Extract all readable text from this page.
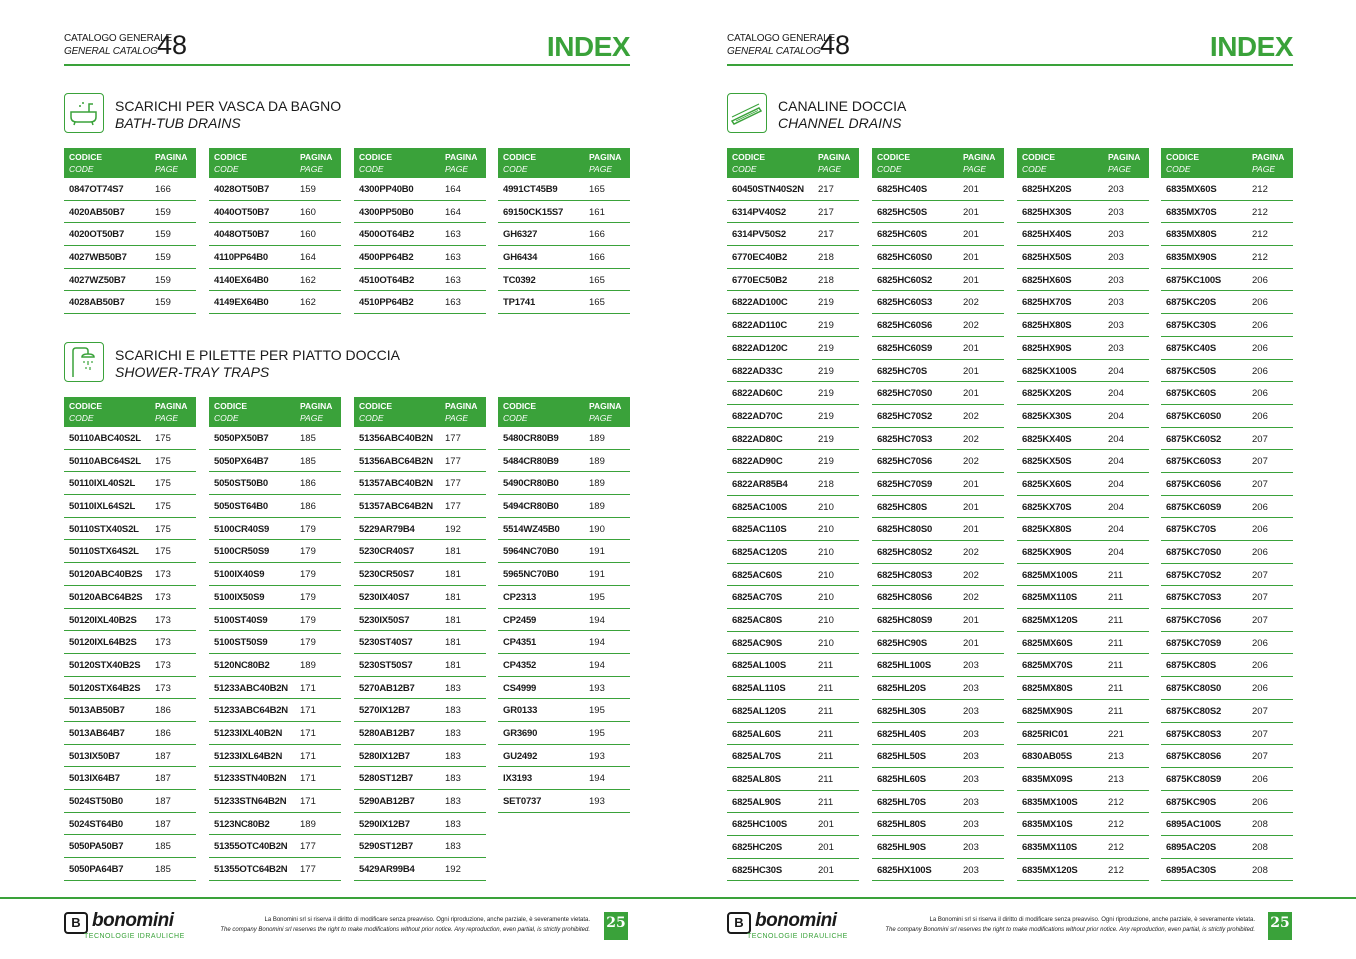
CATALOGO GENERALE
GENERAL CATALOG 48	INDEX
SCARICHI PER VASCA DA BAGNO
BATH-TUB DRAINS
CODICE
CODE
PAGINA
PAGE
0847OT74S7	166
4020AB50B7	159
4020OT50B7	159
4027WB50B7	159
4027WZ50B7	159
4028AB50B7	159
CODICE
CODE
PAGINA
PAGE
4028OT50B7	159
4040OT50B7	160
4048OT50B7	160
4110PP64B0	164
4140EX64B0	162
4149EX64B0	162
CODICE
CODE
PAGINA
PAGE
4300PP40B0	164
4300PP50B0	164
4500OT64B2	163
4500PP64B2	163
4510OT64B2	163
4510PP64B2	163
CODICE
CODE
PAGINA
PAGE
4991CT45B9	165
69150CK15S7	161
GH6327	166
GH6434	166
TC0392	165
TP1741	165
SCARICHI E PILETTE PER PIATTO DOCCIA
SHOWER-TRAY TRAPS
CODICE
CODE
PAGINA
PAGE
50110ABC40S2L 175
50110ABC64S2L 175
50110IXL40S2L 175
50110IXL64S2L 175
50110STX40S2L 175
50110STX64S2L 175
50120ABC40B2S 173
50120ABC64B2S 173
50120IXL40B2S 173
50120IXL64B2S 173
50120STX40B2S 173
50120STX64B2S 173
5013AB50B7	186
5013AB64B7	186
5013IX50B7	187
5013IX64B7	187
5024ST50B0	187
5024ST64B0	187
5050PA50B7	185
5050PA64B7	185
CODICE
CODE
PAGINA
PAGE
5050PX50B7	185
5050PX64B7	185
5050ST50B0	186
5050ST64B0	186
5100CR40S9	179
5100CR50S9	179
5100IX40S9	179
5100IX50S9	179
5100ST40S9	179
5100ST50S9	179
5120NC80B2	189
51233ABC40B2N 171
51233ABC64B2N 171
51233IXL40B2N 171
51233IXL64B2N 171
51233STN40B2N 171
51233STN64B2N 171
5123NC80B2	189
51355OTC40B2N 177
51355OTC64B2N 177
CODICE
CODE
PAGINA
PAGE
51356ABC40B2N 177
51356ABC64B2N 177
51357ABC40B2N 177
51357ABC64B2N 177
5229AR79B4	192
5230CR40S7	181
5230CR50S7	181
5230IX40S7	181
5230IX50S7	181
5230ST40S7	181
5230ST50S7	181
5270AB12B7	183
5270IX12B7	183
5280AB12B7	183
5280IX12B7	183
5280ST12B7	183
5290AB12B7	183
5290IX12B7	183
5290ST12B7	183
5429AR99B4	192
CODICE
CODE
PAGINA
PAGE
5480CR80B9	189
5484CR80B9	189
5490CR80B0	189
5494CR80B0	189
5514WZ45B0	190
5964NC70B0	191
5965NC70B0	191
CP2313	195
CP2459	194
CP4351	194
CP4352	194
CS4999	193
GR0133	195
GR3690	195
GU2492	193
IX3193	194
SET0737	193
B bonomini
TECNOLOGIE IDRAULICHE
La Bonomini srl si riserva il diritto di modificare senza preavviso. Ogni riproduzione, anche parziale, è severamente vietata.
The company Bonomini srl reserves the right to make modifications without prior notice. Any reproduction, even partial, is strictly prohibited. 25
CATALOGO GENERALE
GENERAL CATALOG 48	INDEX
CANALINE DOCCIA
CHANNEL DRAINS
CODICE
CODE
PAGINA
PAGE
60450STN40S2N 217
6314PV40S2	217
6314PV50S2	217
6770EC40B2	218
6770EC50B2	218
6822AD100C	219
6822AD110C	219
6822AD120C	219
6822AD33C	219
6822AD60C	219
6822AD70C	219
6822AD80C	219
6822AD90C	219
6822AR85B4	218
6825AC100S	210
6825AC110S	210
6825AC120S	210
6825AC60S	210
6825AC70S	210
6825AC80S	210
6825AC90S	210
6825AL100S	211
6825AL110S	211
6825AL120S	211
6825AL60S	211
6825AL70S	211
6825AL80S	211
6825AL90S	211
6825HC100S	201
6825HC20S	201
6825HC30S	201
CODICE
CODE
PAGINA
PAGE
6825HC40S	201
6825HC50S	201
6825HC60S	201
6825HC60S0	201
6825HC60S2	201
6825HC60S3	202
6825HC60S6	202
6825HC60S9	201
6825HC70S	201
6825HC70S0	201
6825HC70S2	202
6825HC70S3	202
6825HC70S6	202
6825HC70S9	201
6825HC80S	201
6825HC80S0	201
6825HC80S2	202
6825HC80S3	202
6825HC80S6	202
6825HC80S9	201
6825HC90S	201
6825HL100S	203
6825HL20S	203
6825HL30S	203
6825HL40S	203
6825HL50S	203
6825HL60S	203
6825HL70S	203
6825HL80S	203
6825HL90S	203
6825HX100S	203
CODICE
CODE
PAGINA
PAGE
6825HX20S	203
6825HX30S	203
6825HX40S	203
6825HX50S	203
6825HX60S	203
6825HX70S	203
6825HX80S	203
6825HX90S	203
6825KX100S	204
6825KX20S	204
6825KX30S	204
6825KX40S	204
6825KX50S	204
6825KX60S	204
6825KX70S	204
6825KX80S	204
6825KX90S	204
6825MX100S	211
6825MX110S	211
6825MX120S	211
6825MX60S	211
6825MX70S	211
6825MX80S	211
6825MX90S	211
6825RIC01	221
6830AB05S	213
6835MX09S	213
6835MX100S	212
6835MX10S	212
6835MX110S	212
6835MX120S	212
CODICE
CODE
PAGINA
PAGE
6835MX60S	212
6835MX70S	212
6835MX80S	212
6835MX90S	212
6875KC100S	206
6875KC20S	206
6875KC30S	206
6875KC40S	206
6875KC50S	206
6875KC60S	206
6875KC60S0	206
6875KC60S2	207
6875KC60S3	207
6875KC60S6	207
6875KC60S9	206
6875KC70S	206
6875KC70S0	206
6875KC70S2	207
6875KC70S3	207
6875KC70S6	207
6875KC70S9	206
6875KC80S	206
6875KC80S0	206
6875KC80S2	207
6875KC80S3	207
6875KC80S6	207
6875KC80S9	206
6875KC90S	206
6895AC100S	208
6895AC20S	208
6895AC30S	208
B bonomini
TECNOLOGIE IDRAULICHE
La Bonomini srl si riserva il diritto di modificare senza preavviso. Ogni riproduzione, anche parziale, è severamente vietata.
The company Bonomini srl reserves the right to make modifications without prior notice. Any reproduction, even partial, is strictly prohibited. 25
